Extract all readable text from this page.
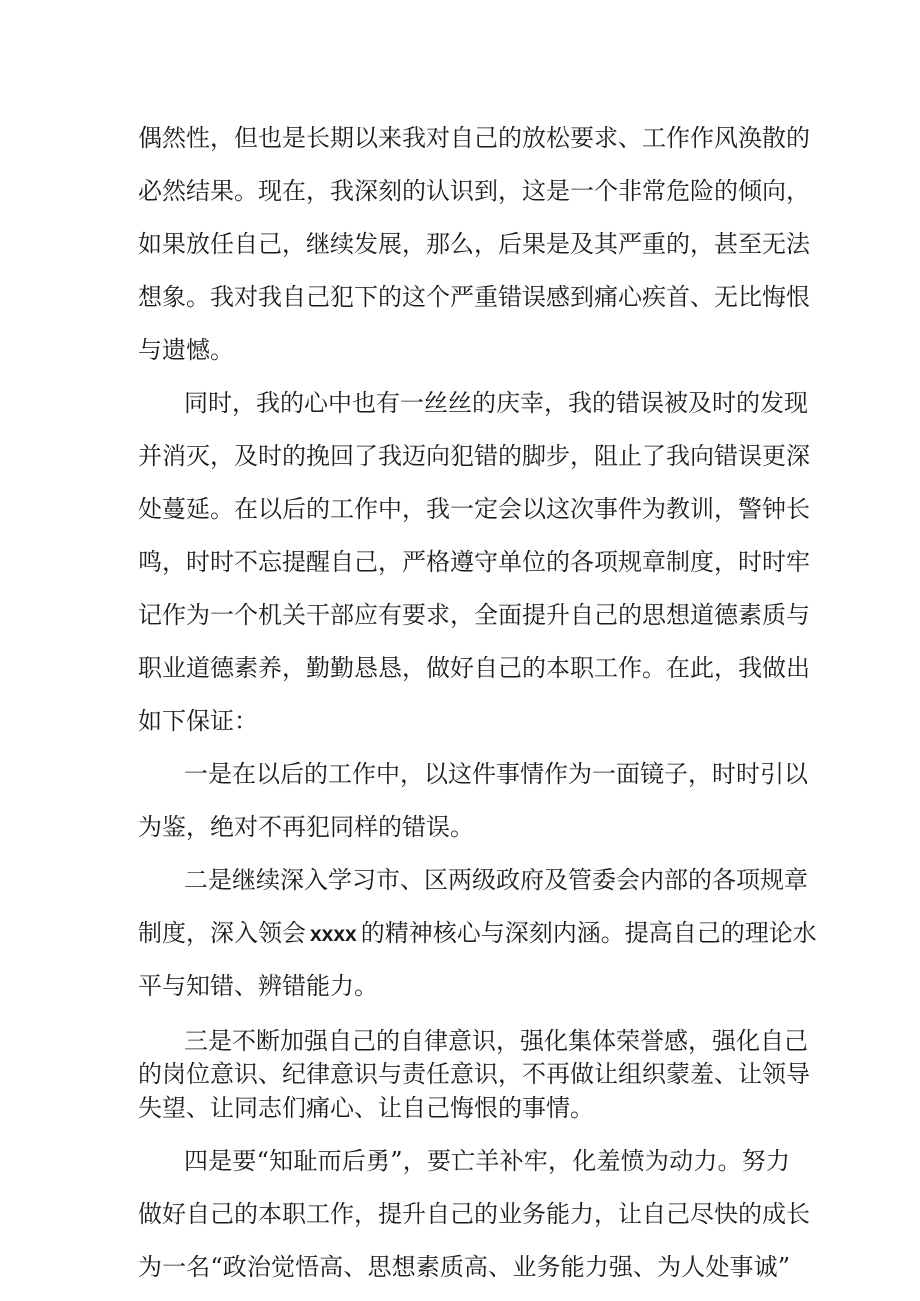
偶然性，但也是长期以来我对自己的放松要求、工作作风涣散的
必然结果。现在，我深刻的认识到，这是一个非常危险的倾向，
如果放任自己，继续发展，那么，后果是及其严重的，甚至无法
想象。我对我自己犯下的这个严重错误感到痛心疾首、无比悔恨
与遗憾。
同时，我的心中也有一丝丝的庆幸，我的错误被及时的发现
并消灭，及时的挽回了我迈向犯错的脚步，阻止了我向错误更深
处蔓延。在以后的工作中，我一定会以这次事件为教训，警钟长
鸣，时时不忘提醒自己，严格遵守单位的各项规章制度，时时牢
记作为一个机关干部应有要求，全面提升自己的思想道德素质与
职业道德素养，勤勤恳恳，做好自己的本职工作。在此，我做出
如下保证：
一是在以后的工作中，以这件事情作为一面镜子，时时引以
为鉴，绝对不再犯同样的错误。
二是继续深入学习市、区两级政府及管委会内部的各项规章
制度，深入领会 xxxx 的精神核心与深刻内涵。提高自己的理论水
平与知错、辨错能力。
三是不断加强自己的自律意识，强化集体荣誉感，强化自己
的岗位意识、纪律意识与责任意识，不再做让组织蒙羞、让领导
失望、让同志们痛心、让自己悔恨的事情。
四是要“知耻而后勇”，要亡羊补牢，化羞愤为动力。努力
做好自己的本职工作，提升自己的业务能力，让自己尽快的成长
为一名“政治觉悟高、思想素质高、业务能力强、为人处事诚”
